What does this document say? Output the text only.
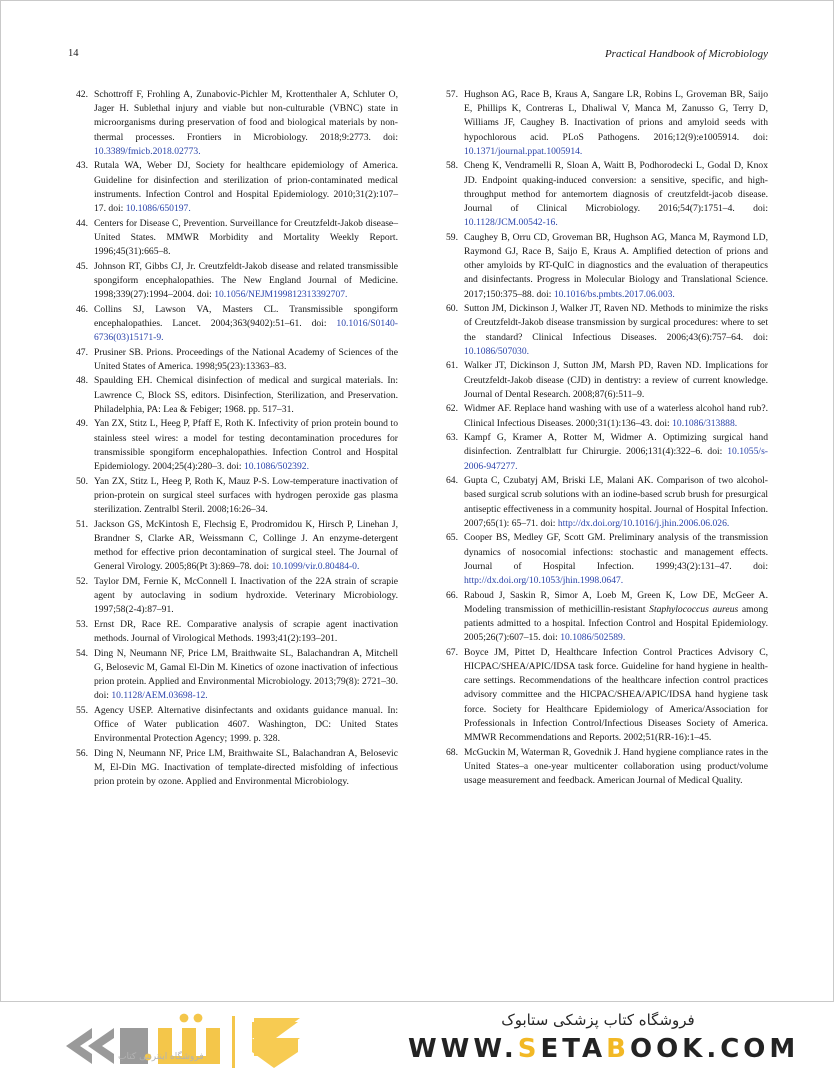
14	Practical Handbook of Microbiology
42. Schottroff F, Frohling A, Zunabovic-Pichler M, Krottenthaler A, Schluter O, Jager H. Sublethal injury and viable but non-culturable (VBNC) state in microorganisms during preservation of food and biological materials by non-thermal processes. Frontiers in Microbiology. 2018;9:2773. doi: 10.3389/fmicb.2018.02773.
43. Rutala WA, Weber DJ, Society for healthcare epidemiology of America. Guideline for disinfection and sterilization of prion-contaminated medical instruments. Infection Control and Hospital Epidemiology. 2010;31(2):107–17. doi: 10.1086/650197.
44. Centers for Disease C, Prevention. Surveillance for Creutzfeldt-Jakob disease–United States. MMWR Morbidity and Mortality Weekly Report. 1996;45(31):665–8.
45. Johnson RT, Gibbs CJ, Jr. Creutzfeldt-Jakob disease and related transmissible spongiform encephalopathies. The New England Journal of Medicine. 1998;339(27):1994–2004. doi: 10.1056/NEJM199812313392707.
46. Collins SJ, Lawson VA, Masters CL. Transmissible spongiform encephalopathies. Lancet. 2004;363(9402):51–61. doi: 10.1016/S0140-6736(03)15171-9.
47. Prusiner SB. Prions. Proceedings of the National Academy of Sciences of the United States of America. 1998;95(23):13363–83.
48. Spaulding EH. Chemical disinfection of medical and surgical materials. In: Lawrence C, Block SS, editors. Disinfection, Sterilization, and Preservation. Philadelphia, PA: Lea & Febiger; 1968. pp. 517–31.
49. Yan ZX, Stitz L, Heeg P, Pfaff E, Roth K. Infectivity of prion protein bound to stainless steel wires: a model for testing decontamination procedures for transmissible spongiform encephalopathies. Infection Control and Hospital Epidemiology. 2004;25(4):280–3. doi: 10.1086/502392.
50. Yan ZX, Stitz L, Heeg P, Roth K, Mauz P-S. Low-temperature inactivation of prion-protein on surgical steel surfaces with hydrogen peroxide gas plasma sterilization. Zentralbl Steril. 2008;16:26–34.
51. Jackson GS, McKintosh E, Flechsig E, Prodromidou K, Hirsch P, Linehan J, Brandner S, Clarke AR, Weissmann C, Collinge J. An enzyme-detergent method for effective prion decontamination of surgical steel. The Journal of General Virology. 2005;86(Pt 3):869–78. doi: 10.1099/vir.0.80484-0.
52. Taylor DM, Fernie K, McConnell I. Inactivation of the 22A strain of scrapie agent by autoclaving in sodium hydroxide. Veterinary Microbiology. 1997;58(2-4):87–91.
53. Ernst DR, Race RE. Comparative analysis of scrapie agent inactivation methods. Journal of Virological Methods. 1993;41(2):193–201.
54. Ding N, Neumann NF, Price LM, Braithwaite SL, Balachandran A, Mitchell G, Belosevic M, Gamal El-Din M. Kinetics of ozone inactivation of infectious prion protein. Applied and Environmental Microbiology. 2013;79(8): 2721–30. doi: 10.1128/AEM.03698-12.
55. Agency USEP. Alternative disinfectants and oxidants guidance manual. In: Office of Water publication 4607. Washington, DC: United States Environmental Protection Agency; 1999. p. 328.
56. Ding N, Neumann NF, Price LM, Braithwaite SL, Balachandran A, Belosevic M, El-Din MG. Inactivation of template-directed misfolding of infectious prion protein by ozone. Applied and Environmental Microbiology.
57. Hughson AG, Race B, Kraus A, Sangare LR, Robins L, Groveman BR, Saijo E, Phillips K, Contreras L, Dhaliwal V, Manca M, Zanusso G, Terry D, Williams JF, Caughey B. Inactivation of prions and amyloid seeds with hypochlorous acid. PLoS Pathogens. 2016;12(9):e1005914. doi: 10.1371/journal.ppat.1005914.
58. Cheng K, Vendramelli R, Sloan A, Waitt B, Podhorodecki L, Godal D, Knox JD. Endpoint quaking-induced conversion: a sensitive, specific, and high-throughput method for antemortem diagnosis of creutzfeldt-jacob disease. Journal of Clinical Microbiology. 2016;54(7):1751–4. doi: 10.1128/JCM.00542-16.
59. Caughey B, Orru CD, Groveman BR, Hughson AG, Manca M, Raymond LD, Raymond GJ, Race B, Saijo E, Kraus A. Amplified detection of prions and other amyloids by RT-QuIC in diagnostics and the evaluation of therapeutics and disinfectants. Progress in Molecular Biology and Translational Science. 2017;150:375–88. doi: 10.1016/bs.pmbts.2017.06.003.
60. Sutton JM, Dickinson J, Walker JT, Raven ND. Methods to minimize the risks of Creutzfeldt-Jakob disease transmission by surgical procedures: where to set the standard? Clinical Infectious Diseases. 2006;43(6):757–64. doi: 10.1086/507030.
61. Walker JT, Dickinson J, Sutton JM, Marsh PD, Raven ND. Implications for Creutzfeldt-Jakob disease (CJD) in dentistry: a review of current knowledge. Journal of Dental Research. 2008;87(6):511–9.
62. Widmer AF. Replace hand washing with use of a waterless alcohol hand rub?. Clinical Infectious Diseases. 2000;31(1):136–43. doi: 10.1086/313888.
63. Kampf G, Kramer A, Rotter M, Widmer A. Optimizing surgical hand disinfection. Zentralblatt fur Chirurgie. 2006;131(4):322–6. doi: 10.1055/s-2006-947277.
64. Gupta C, Czubatyj AM, Briski LE, Malani AK. Comparison of two alcohol-based surgical scrub solutions with an iodine-based scrub brush for presurgical antiseptic effectiveness in a community hospital. Journal of Hospital Infection. 2007;65(1): 65–71. doi: http://dx.doi.org/10.1016/j.jhin.2006.06.026.
65. Cooper BS, Medley GF, Scott GM. Preliminary analysis of the transmission dynamics of nosocomial infections: stochastic and management effects. Journal of Hospital Infection. 1999;43(2):131–47. doi: http://dx.doi.org/10.1053/jhin.1998.0647.
66. Raboud J, Saskin R, Simor A, Loeb M, Green K, Low DE, McGeer A. Modeling transmission of methicillin-resistant Staphylococcus aureus among patients admitted to a hospital. Infection Control and Hospital Epidemiology. 2005;26(7):607–15. doi: 10.1086/502589.
67. Boyce JM, Pittet D, Healthcare Infection Control Practices Advisory C, HICPAC/SHEA/APIC/IDSA task force. Guideline for hand hygiene in health-care settings. Recommendations of the healthcare infection control practices advisory committee and the HICPAC/SHEA/APIC/IDSA hand hygiene task force. Society for Healthcare Epidemiology of America/Association for Professionals in Infection Control/Infectious Diseases Society of America. MMWR Recommendations and Reports. 2002;51(RR-16):1–45.
68. McGuckin M, Waterman R, Govednik J. Hand hygiene compliance rates in the United States–a one-year multicenter collaboration using product/volume usage measurement and feedback. American Journal of Medical Quality.
فروشگاه اینترنتی کتاب
فروشگاه کتاب پزشکی ستابوک
WWW.SETABOOK.COM
